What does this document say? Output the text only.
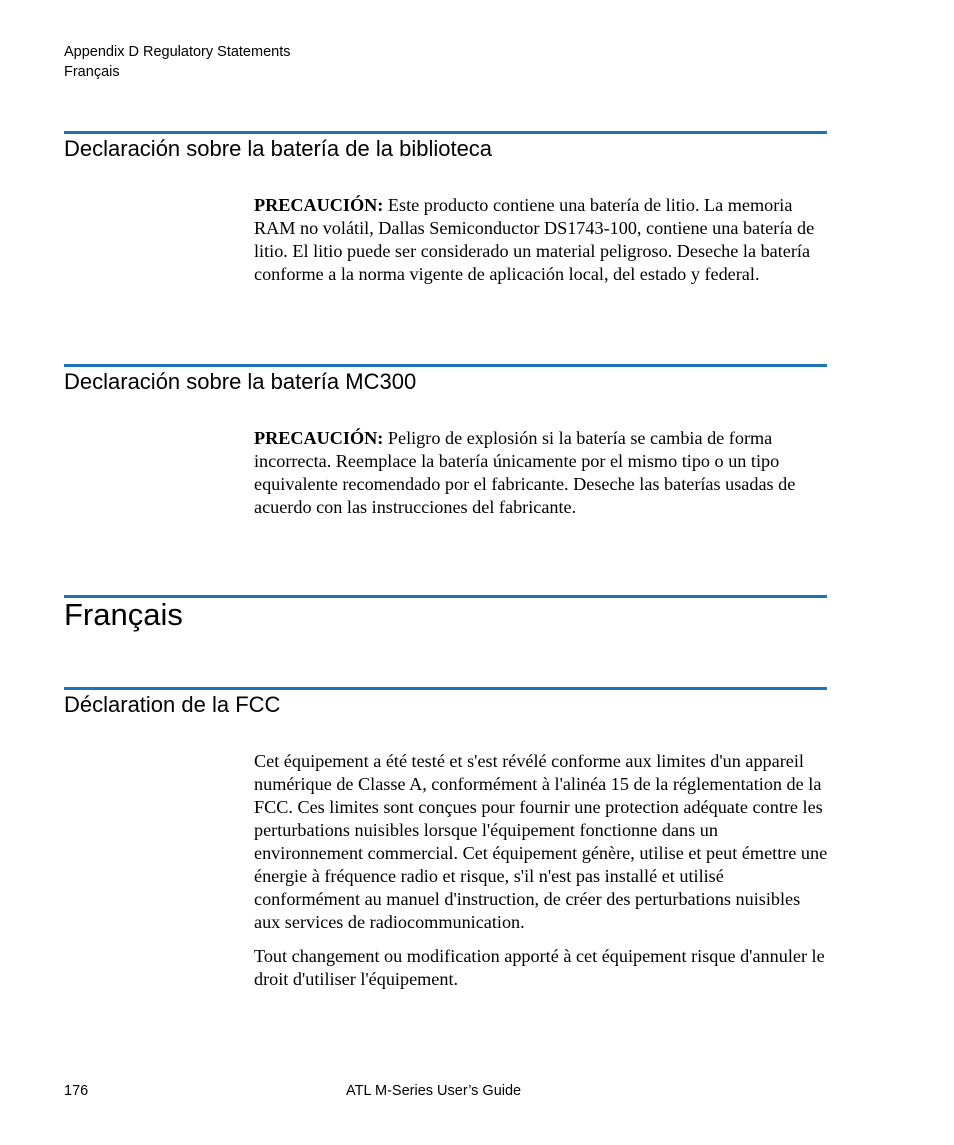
Appendix D Regulatory Statements
Français
Declaración sobre la batería de la biblioteca

PRECAUCIÓN: Este producto contiene una batería de litio. La memoria RAM no volátil, Dallas Semiconductor DS1743-100, contiene una batería de litio. El litio puede ser considerado un material peligroso. Deseche la batería conforme a la norma vigente de aplicación local, del estado y federal.

Declaración sobre la batería MC300

PRECAUCIÓN: Peligro de explosión si la batería se cambia de forma incorrecta. Reemplace la batería únicamente por el mismo tipo o un tipo equivalente recomendado por el fabricante. Deseche las baterías usadas de acuerdo con las instrucciones del fabricante.

Français
Déclaration de la FCC

Cet équipement a été testé et s'est révélé conforme aux limites d'un appareil numérique de Classe A, conformément à l'alinéa 15 de la réglementation de la FCC. Ces limites sont conçues pour fournir une protection adéquate contre les perturbations nuisibles lorsque l'équipement fonctionne dans un environnement commercial. Cet équipement génère, utilise et peut émettre une énergie à fréquence radio et risque, s'il n'est pas installé et utilisé conformément au manuel d'instruction, de créer des perturbations nuisibles aux services de radiocommunication.

Tout changement ou modification apporté à cet équipement risque d'annuler le droit d'utiliser l'équipement.

176	ATL M-Series User’s Guide
